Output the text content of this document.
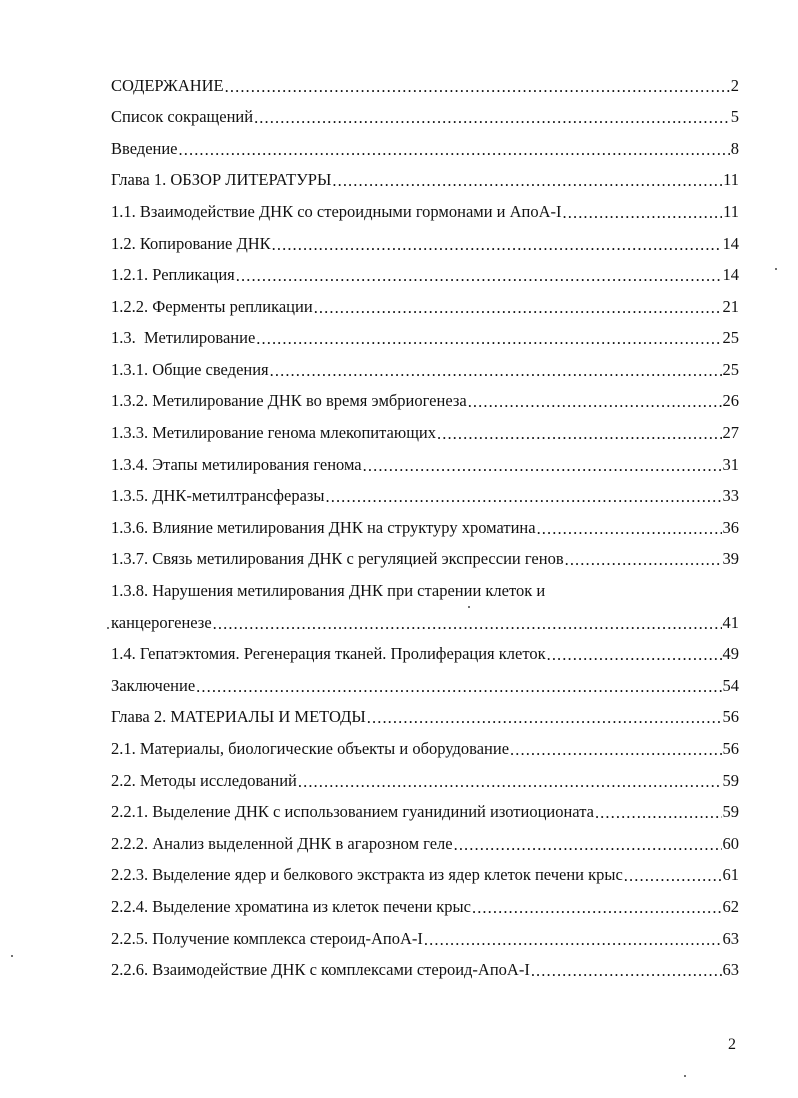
СОДЕРЖАНИЕ .....	2
Список сокращений .....	5
Введение .....	8
Глава 1. ОБЗОР ЛИТЕРАТУРЫ .....	11
1.1. Взаимодействие ДНК со стероидными гормонами и АпоА-I .....	11
1.2. Копирование ДНК .....	14
1.2.1. Репликация .....	14
1.2.2. Ферменты репликации .....	21
1.3.  Метилирование .....	25
1.3.1. Общие сведения .....	25
1.3.2. Метилирование ДНК во время эмбриогенеза .....	26
1.3.3. Метилирование генома млекопитающих .....	27
1.3.4. Этапы метилирования генома .....	31
1.3.5. ДНК-метилтрансферазы .....	33
1.3.6. Влияние метилирования ДНК на структуру хроматина .....	36
1.3.7. Связь метилирования ДНК с регуляцией экспрессии генов .....	39
1.3.8. Нарушения метилирования ДНК при старении клеток и
канцерогенезе .....	41
1.4. Гепатэктомия. Регенерация тканей. Пролиферация клеток .....	49
Заключение .....	54
Глава 2. МАТЕРИАЛЫ И МЕТОДЫ .....	56
2.1. Материалы, биологические объекты и оборудование .....	56
2.2. Методы исследований .....	59
2.2.1. Выделение ДНК с использованием гуанидиний изотиоционата .....	59
2.2.2. Анализ выделенной ДНК в агарозном геле .....	60
2.2.3. Выделение ядер и белкового экстракта из ядер клеток печени крыс .....	61
2.2.4. Выделение хроматина из клеток печени крыс .....	62
2.2.5. Получение комплекса стероид-АпоА-I .....	63
2.2.6. Взаимодействие ДНК с комплексами стероид-АпоА-I .....	63
2
